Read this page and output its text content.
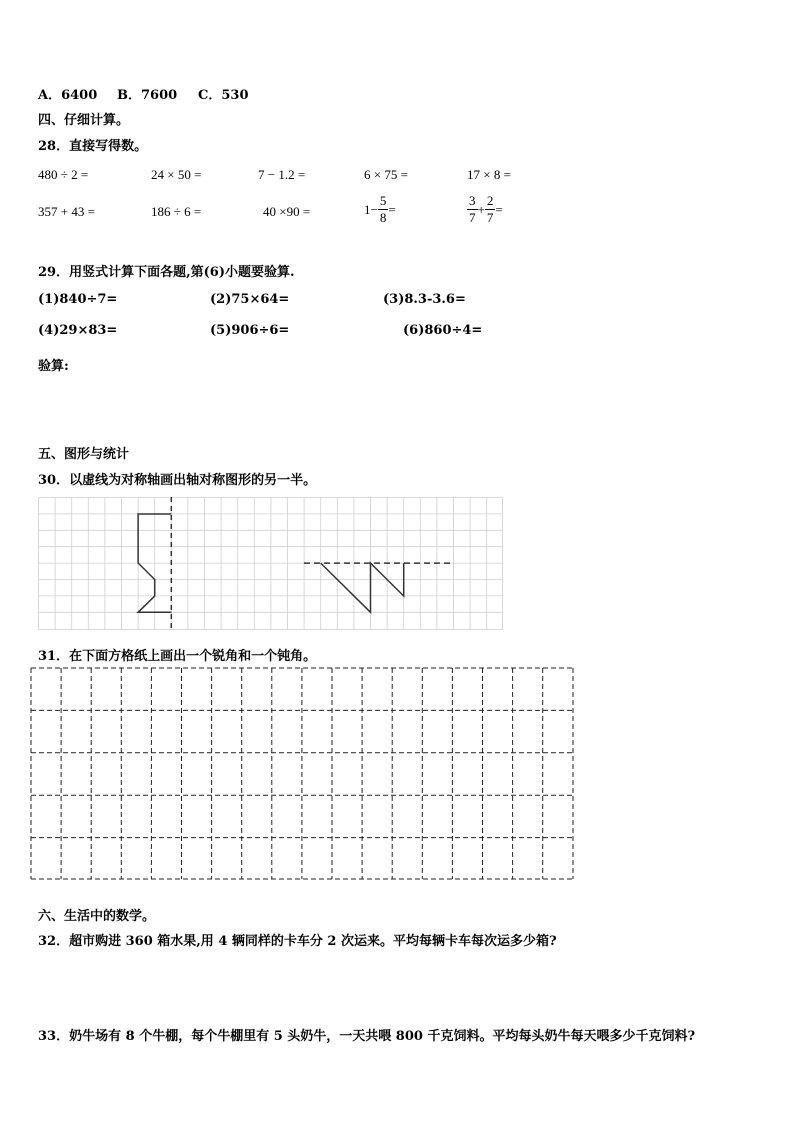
A．6400 B．7600 C．530
四、仔细计算。
28．直接写得数。
480 ÷ 2 =	24 × 50 =	7 − 1.2 =	6 × 75 =	17 × 8 =
357 + 43 =	186 ÷ 6 =	40 ×90 =	$1- \frac{5}{8}$ =	$\frac{3}{7} + \frac{2}{7}$ =
29．用竖式计算下面各题,第(6)小题要验算.
(1)840÷7=	(2)75×64=	(3)8.3-3.6=
(4)29×83=	(5)906÷6=	(6)860÷4=
验算:
五、图形与统计
30．以虚线为对称轴画出轴对称图形的另一半。
31．在下面方格纸上画出一个锐角和一个钝角。
六、生活中的数学。
32．超市购进 360 箱水果,用 4 辆同样的卡车分 2 次运来。平均每辆卡车每次运多少箱?
33．奶牛场有 8 个牛棚，每个牛棚里有 5 头奶牛，一天共喂 800 千克饲料。平均每头奶牛每天喂多少千克饲料?
